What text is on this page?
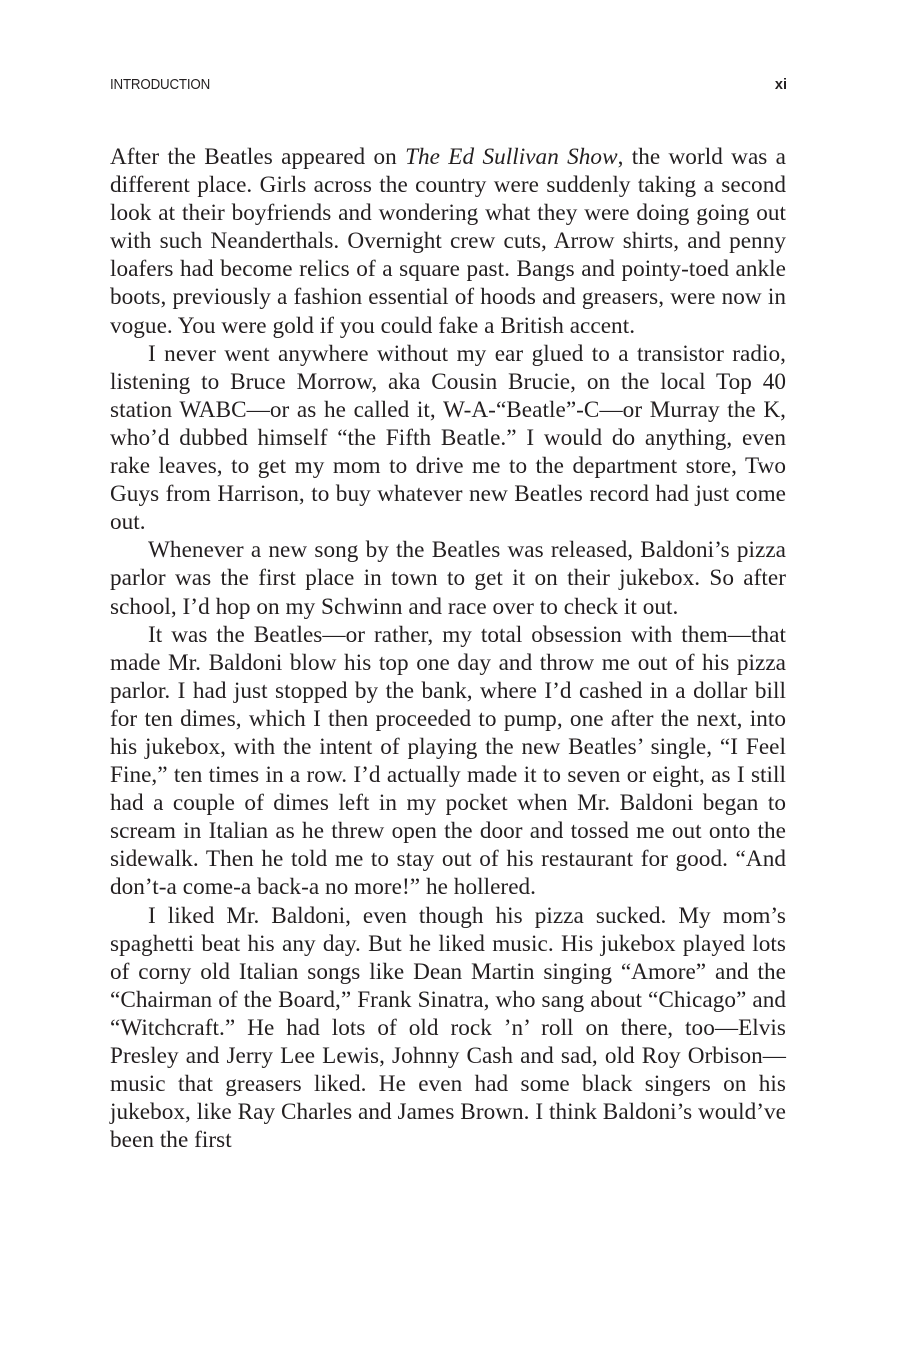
INTRODUCTION	xi

After the Beatles appeared on The Ed Sullivan Show, the world was a different place. Girls across the country were suddenly taking a second look at their boyfriends and wondering what they were doing going out with such Neanderthals. Overnight crew cuts, Arrow shirts, and penny loafers had become relics of a square past. Bangs and pointy-toed ankle boots, previously a fashion essential of hoods and greasers, were now in vogue. You were gold if you could fake a British accent.

I never went anywhere without my ear glued to a transistor radio, listening to Bruce Morrow, aka Cousin Brucie, on the local Top 40 station WABC—or as he called it, W-A-“Beatle”-C—or Murray the K, who’d dubbed himself “the Fifth Beatle.” I would do anything, even rake leaves, to get my mom to drive me to the department store, Two Guys from Harrison, to buy whatever new Beatles record had just come out.

Whenever a new song by the Beatles was released, Baldoni’s pizza parlor was the first place in town to get it on their jukebox. So after school, I’d hop on my Schwinn and race over to check it out.

It was the Beatles—or rather, my total obsession with them—that made Mr. Baldoni blow his top one day and throw me out of his pizza parlor. I had just stopped by the bank, where I’d cashed in a dollar bill for ten dimes, which I then proceeded to pump, one after the next, into his jukebox, with the intent of playing the new Beatles’ single, “I Feel Fine,” ten times in a row. I’d actually made it to seven or eight, as I still had a couple of dimes left in my pocket when Mr. Baldoni began to scream in Italian as he threw open the door and tossed me out onto the sidewalk. Then he told me to stay out of his restaurant for good. “And don’t-a come-a back-a no more!” he hollered.

I liked Mr. Baldoni, even though his pizza sucked. My mom’s spaghetti beat his any day. But he liked music. His jukebox played lots of corny old Italian songs like Dean Martin singing “Amore” and the “Chairman of the Board,” Frank Sinatra, who sang about “Chicago” and “Witchcraft.” He had lots of old rock ’n’ roll on there, too—Elvis Presley and Jerry Lee Lewis, Johnny Cash and sad, old Roy Orbison—music that greasers liked. He even had some black singers on his jukebox, like Ray Charles and James Brown. I think Baldoni’s would’ve been the first
